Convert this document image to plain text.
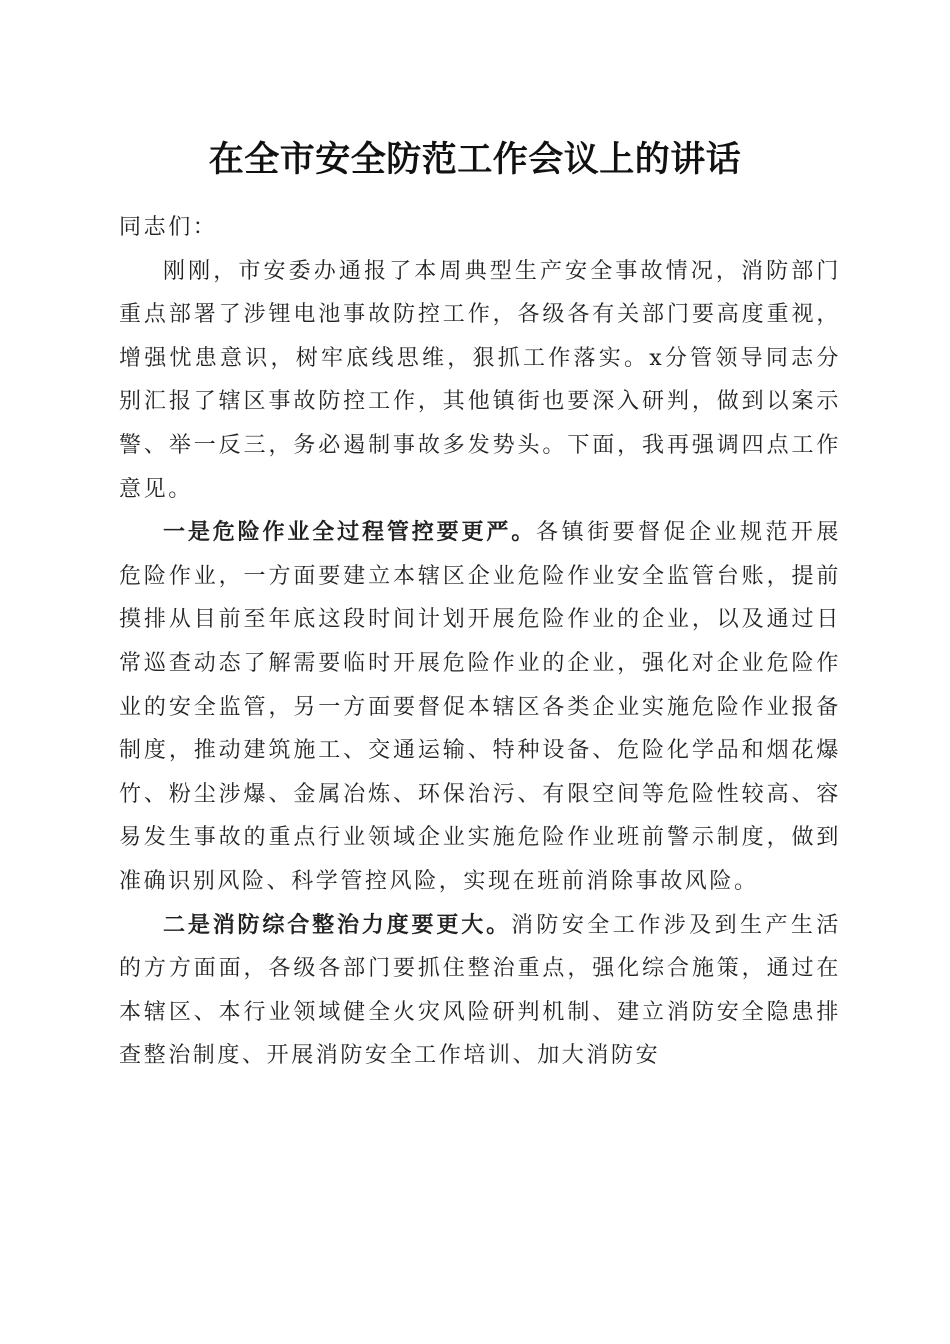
在全市安全防范工作会议上的讲话

同志们：

刚刚，市安委办通报了本周典型生产安全事故情况，消防部门重点部署了涉锂电池事故防控工作，各级各有关部门要高度重视，增强忧患意识，树牢底线思维，狠抓工作落实。x分管领导同志分别汇报了辖区事故防控工作，其他镇街也要深入研判，做到以案示警、举一反三，务必遏制事故多发势头。下面，我再强调四点工作意见。

一是危险作业全过程管控要更严。各镇街要督促企业规范开展危险作业，一方面要建立本辖区企业危险作业安全监管台账，提前摸排从目前至年底这段时间计划开展危险作业的企业，以及通过日常巡查动态了解需要临时开展危险作业的企业，强化对企业危险作业的安全监管，另一方面要督促本辖区各类企业实施危险作业报备制度，推动建筑施工、交通运输、特种设备、危险化学品和烟花爆竹、粉尘涉爆、金属冶炼、环保治污、有限空间等危险性较高、容易发生事故的重点行业领域企业实施危险作业班前警示制度，做到准确识别风险、科学管控风险，实现在班前消除事故风险。

二是消防综合整治力度要更大。消防安全工作涉及到生产生活的方方面面，各级各部门要抓住整治重点，强化综合施策，通过在本辖区、本行业领域健全火灾风险研判机制、建立消防安全隐患排查整治制度、开展消防安全工作培训、加大消防安
